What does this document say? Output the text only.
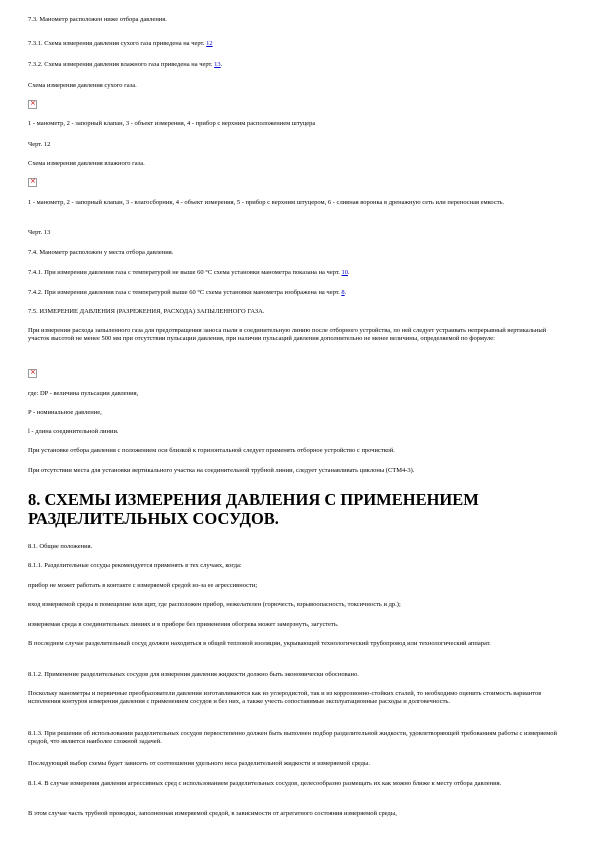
7.3. Манометр расположен ниже отбора давления.

7.3.1. Схема измерения давления сухого газа приведена на черт. 12

7.3.2. Схема измерения давления влажного газа приведена на черт. 13.

Схема измерения давления сухого газа.

×

1 - манометр, 2 - запорный клапан, 3 - объект измерения, 4 - прибор с верхним расположением штуцера

Черт. 12

Схема измерения давления влажного газа.

×

1 - манометр, 2 - запорный клапан, 3 - влагосборник, 4 - объект измерения, 5 - прибор с верхним штуцером, 6 - сливная воронка в дренажную сеть или переносная емкость.

Черт. 13

7.4. Манометр расположен у места отбора давления.

7.4.1. При измерении давления газа с температурой не выше 60 °С схема установки манометра показана на черт. 10.

7.4.2. При измерении давления газа с температурой выше 60 °С схема установки манометра изображена на черт. 8.

7.5. ИЗМЕРЕНИЕ ДАВЛЕНИЯ (РАЗРЕЖЕНИЯ, РАСХОДА) ЗАПЫЛЕННОГО ГАЗА.

При измерении расхода запыленного газа для предотвращения заноса пыли в соединительную линию после отборного устройства, по ней следует устраивать непрерывный вертикальный участок высотой не менее 500 мм при отсутствии пульсации давления, при наличии пульсаций давления дополнительно не менее величины, определяемой по формуле:

×

где: DP - величина пульсации давления,

P - номинальное давление,

l - длина соединительной линии.

При установке отбора давления с положением оси близкой к горизонтальной следует применять отборное устройство с прочисткой.

При отсутствии места для установки вертикального участка на соединительной трубной линии, следует устанавливать циклоны (СТМ4-3).

8. СХЕМЫ ИЗМЕРЕНИЯ ДАВЛЕНИЯ С ПРИМЕНЕНИЕМ РАЗДЕЛИТЕЛЬНЫХ СОСУДОВ.

8.1. Общие положения.

8.1.1. Разделительные сосуды рекомендуется применять в тех случаях, когда:

прибор не может работать в контакте с измеряемой средой из-за ее агрессивности;

вход измеряемой среды в помещение или щит, где расположен прибор, нежелателен (горючесть, взрывоопасность, токсичность и др.);

измеряемая среда в соединительных линиях и в приборе без применения обогрева может замерзнуть, загустеть.

В последнем случае разделительный сосуд должен находиться в общей тепловой изоляции, укрывающей технологический трубопровод или технологический аппарат.

8.1.2. Применение разделительных сосудов для измерения давления жидкости должно быть экономически обосновано.

Поскольку манометры и первичные преобразователи давления изготавливаются как из углеродистой, так и из коррозионно-стойких сталей, то необходимо оценить стоимость вариантов исполнения контуров измерения давления с применением сосудов и без них, а также учесть сопоставимые эксплуатационные расходы и долговечность.

8.1.3. При решении об использовании разделительных сосудов первостепенно должен быть выполнен подбор разделительной жидкости, удовлетворяющей требованиям работы с измеряемой средой, что является наиболее сложной задачей.

Последующий выбор схемы будет зависеть от соотношения удельного веса разделительной жидкости и измеряемой среды.

8.1.4. В случае измерения давления агрессивных сред с использованием разделительных сосудов, целесообразно размещать их как можно ближе к месту отбора давления.

В этом случае часть трубной проводки, заполненная измеряемой средой, в зависимости от агрегатного состояния измеряемой среды,
